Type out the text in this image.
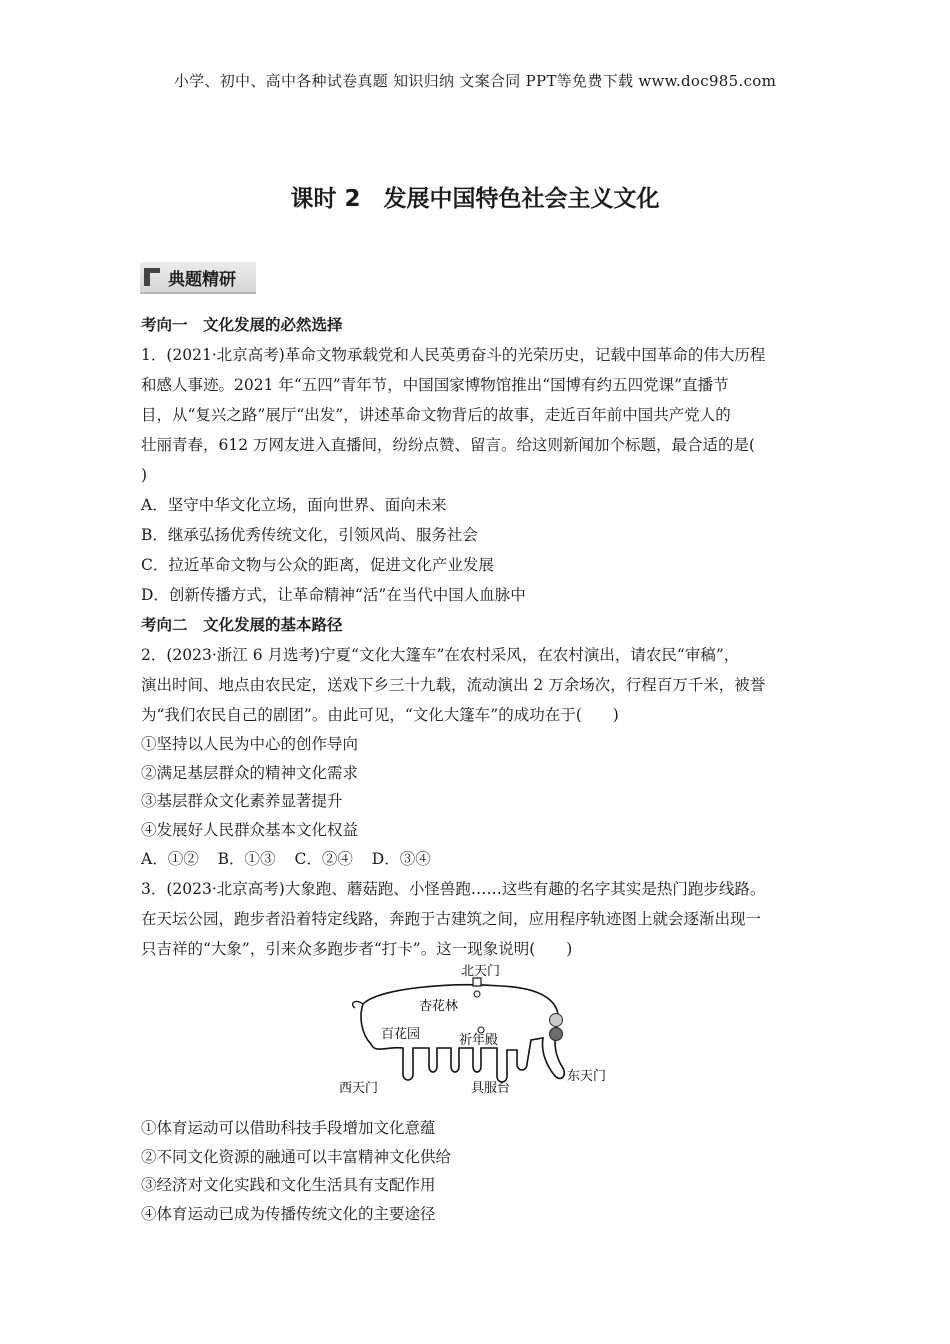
小学、初中、高中各种试卷真题 知识归纳 文案合同 PPT等免费下载 www.doc985.com
课时 2　发展中国特色社会主义文化
典题精研
考向一　文化发展的必然选择
1．(2021·北京高考)革命文物承载党和人民英勇奋斗的光荣历史，记载中国革命的伟大历程
和感人事迹。2021 年“五四”青年节，中国国家博物馆推出“国博有约五四党课”直播节
目，从“复兴之路”展厅“出发”，讲述革命文物背后的故事，走近百年前中国共产党人的
壮丽青春，612 万网友进入直播间，纷纷点赞、留言。给这则新闻加个标题，最合适的是(
)
A．坚守中华文化立场，面向世界、面向未来
B．继承弘扬优秀传统文化，引领风尚、服务社会
C．拉近革命文物与公众的距离，促进文化产业发展
D．创新传播方式，让革命精神“活”在当代中国人血脉中
考向二　文化发展的基本路径
2．(2023·浙江 6 月选考)宁夏“文化大篷车”在农村采风，在农村演出，请农民“审稿”，
演出时间、地点由农民定，送戏下乡三十九载，流动演出 2 万余场次，行程百万千米，被誉
为“我们农民自己的剧团”。由此可见，“文化大篷车”的成功在于(　　)
①坚持以人民为中心的创作导向
②满足基层群众的精神文化需求
③基层群众文化素养显著提升
④发展好人民群众基本文化权益
A．①② B．①③ C．②④ D．③④
3．(2023·北京高考)大象跑、蘑菇跑、小怪兽跑……这些有趣的名字其实是热门跑步线路。
在天坛公园，跑步者沿着特定线路，奔跑于古建筑之间，应用程序轨迹图上就会逐渐出现一
只吉祥的“大象”，引来众多跑步者“打卡”。这一现象说明(　　)
北天门
杏花林
百花园	祈年殿
西天门	具服台
东天门
①体育运动可以借助科技手段增加文化意蕴
②不同文化资源的融通可以丰富精神文化供给
③经济对文化实践和文化生活具有支配作用
④体育运动已成为传播传统文化的主要途径
